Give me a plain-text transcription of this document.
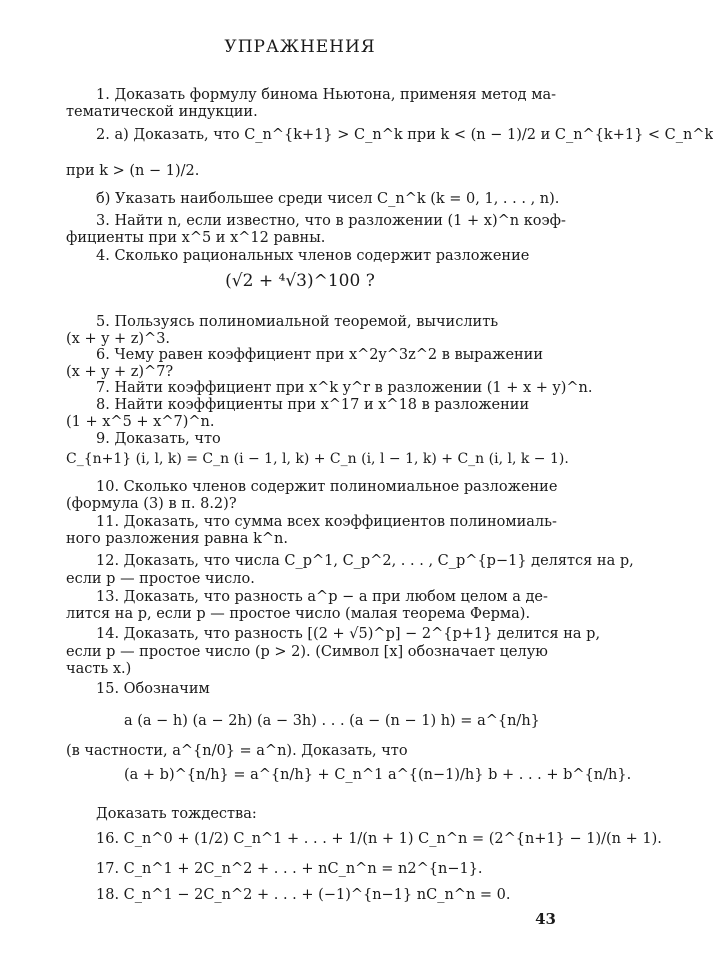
УПРАЖНЕНИЯ
1. Доказать формулу бинома Ньютона, применяя метод ма-
тематической индукции.
2. а) Доказать, что C_n^{k+1} > C_n^k при k < (n − 1)/2 и C_n^{k+1} < C_n^k
при k > (n − 1)/2.
б) Указать наибольшее среди чисел C_n^k (k = 0, 1, . . . , n).
3. Найти n, если известно, что в разложении (1 + x)^n коэф-
фициенты при x^5 и x^12 равны.
4. Сколько рациональных членов содержит разложение
(√2 + ⁴√3)^100 ?
5. Пользуясь полиномиальной теоремой, вычислить
(x + y + z)^3.
6. Чему равен коэффициент при x^2y^3z^2 в выражении
(x + y + z)^7?
7. Найти коэффициент при x^k y^r в разложении (1 + x + y)^n.
8. Найти коэффициенты при x^17 и x^18 в разложении
(1 + x^5 + x^7)^n.
9. Доказать, что
C_{n+1} (i, l, k) = C_n (i − 1, l, k) + C_n (i, l − 1, k) + C_n (i, l, k − 1).
10. Сколько членов содержит полиномиальное разложение
(формула (3) в п. 8.2)?
11. Доказать, что сумма всех коэффициентов полиномиаль-
ного разложения равна k^n.
12. Доказать, что числа C_p^1, C_p^2, . . . , C_p^{p−1} делятся на p,
если p — простое число.
13. Доказать, что разность a^p − a при любом целом a де-
лится на p, если p — простое число (малая теорема Ферма).
14. Доказать, что разность [(2 + √5)^p] − 2^{p+1} делится на p,
если p — простое число (p > 2). (Символ [x] обозначает целую
часть x.)
15. Обозначим
a (a − h) (a − 2h) (a − 3h) . . . (a − (n − 1) h) = a^{n/h}
(в частности, a^{n/0} = a^n). Доказать, что
(a + b)^{n/h} = a^{n/h} + C_n^1 a^{(n−1)/h} b + . . . + b^{n/h}.
Доказать тождества:
16. C_n^0 + (1/2) C_n^1 + . . . + 1/(n + 1) C_n^n = (2^{n+1} − 1)/(n + 1).
17. C_n^1 + 2C_n^2 + . . . + nC_n^n = n2^{n−1}.
18. C_n^1 − 2C_n^2 + . . . + (−1)^{n−1} nC_n^n = 0.
43
